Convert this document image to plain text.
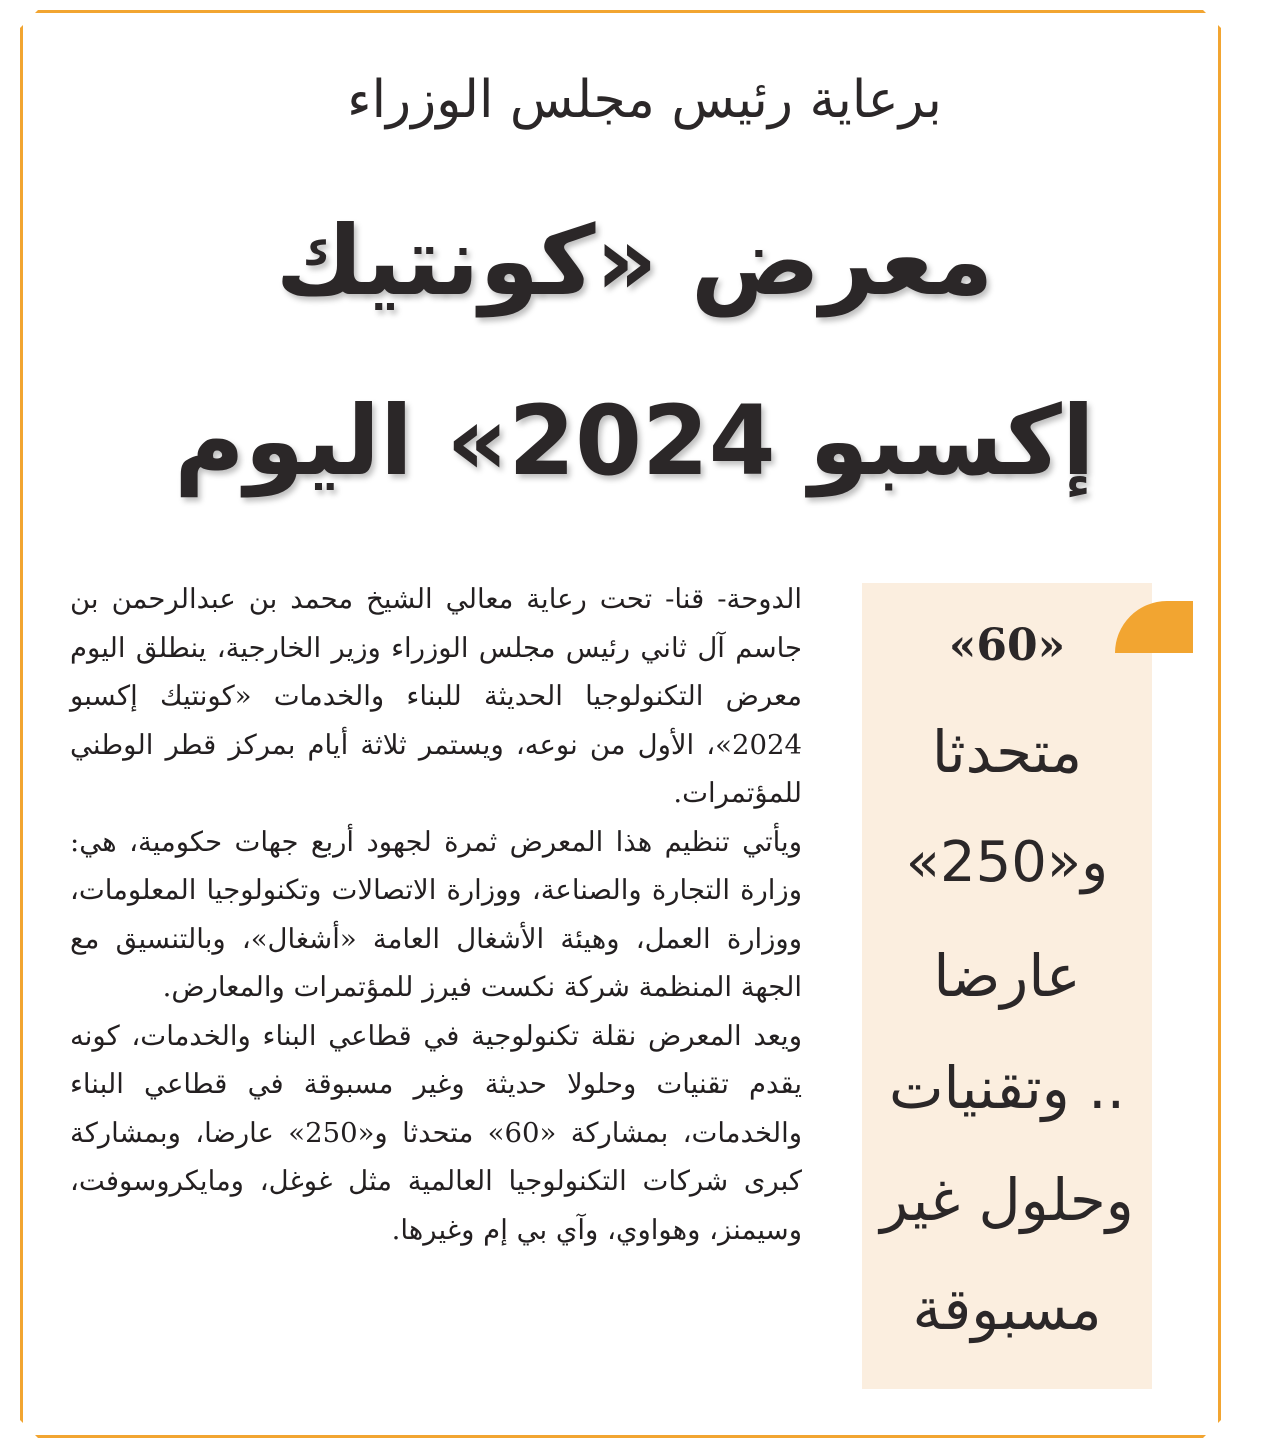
برعاية رئيس مجلس الوزراء
معرض «كونتيك
إكسبو 2024» اليوم

الدوحة- قنا- تحت رعاية معالي الشيخ محمد بن عبدالرحمن بن جاسم آل ثاني رئيس مجلس الوزراء وزير الخارجية، ينطلق اليوم معرض التكنولوجيا الحديثة للبناء والخدمات «كونتيك إكسبو 2024»، الأول من نوعه، ويستمر ثلاثة أيام بمركز قطر الوطني للمؤتمرات.

ويأتي تنظيم هذا المعرض ثمرة لجهود أربع جهات حكومية، هي: وزارة التجارة والصناعة، ووزارة الاتصالات وتكنولوجيا المعلومات، ووزارة العمل، وهيئة الأشغال العامة «أشغال»، وبالتنسيق مع الجهة المنظمة شركة نكست فيرز للمؤتمرات والمعارض.

ويعد المعرض نقلة تكنولوجية في قطاعي البناء والخدمات، كونه يقدم تقنيات وحلولا حديثة وغير مسبوقة في قطاعي البناء والخدمات، بمشاركة «60» متحدثا و«250» عارضا، وبمشاركة كبرى شركات التكنولوجيا العالمية مثل غوغل، ومايكروسوفت، وسيمنز، وهواوي، وآي بي إم وغيرها.

«60»
متحدثا
و«250»
عارضا
.. وتقنيات
وحلول غير
مسبوقة
